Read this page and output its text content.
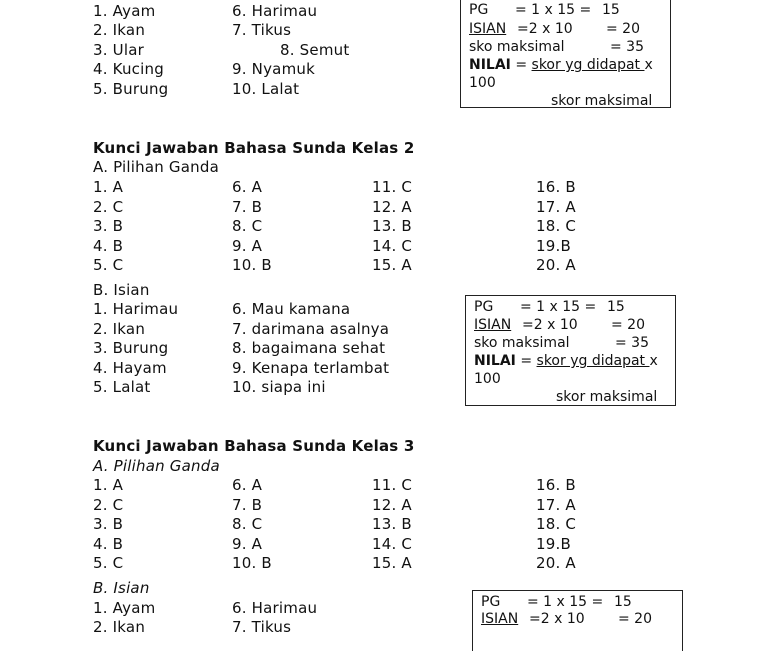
1. Ayam
2. Ikan
3. Ular
4. Kucing
5. Burung
6. Harimau
7. Tikus
8. Semut
9. Nyamuk
10. Lalat
PG = 1 x 15 = 15
ISIAN =2 x 10 = 20
sko maksimal	= 35
NILAI = skor yg didapat x
100
skor maksimal
Kunci Jawaban Bahasa Sunda Kelas 2
A. Pilihan Ganda
1. A
2. C
3. B
4. B
5. C
6. A
7. B
8. C
9. A
10. B
11. C
12. A
13. B
14. C
15. A
16. B
17. A
18. C
19.B
20. A
B. Isian
1. Harimau
2. Ikan
3. Burung
4. Hayam
5. Lalat
6. Mau kamana
7. darimana asalnya
8. bagaimana sehat
9. Kenapa terlambat
10. siapa ini
PG = 1 x 15 = 15
ISIAN =2 x 10 = 20
sko maksimal	= 35
NILAI = skor yg didapat x
100
skor maksimal
Kunci Jawaban Bahasa Sunda Kelas 3
A. Pilihan Ganda
1. A
2. C
3. B
4. B
5. C
6. A
7. B
8. C
9. A
10. B
11. C
12. A
13. B
14. C
15. A
16. B
17. A
18. C
19.B
20. A
B. Isian
1. Ayam
2. Ikan
6. Harimau
7. Tikus
PG = 1 x 15 = 15
ISIAN =2 x 10 = 20
